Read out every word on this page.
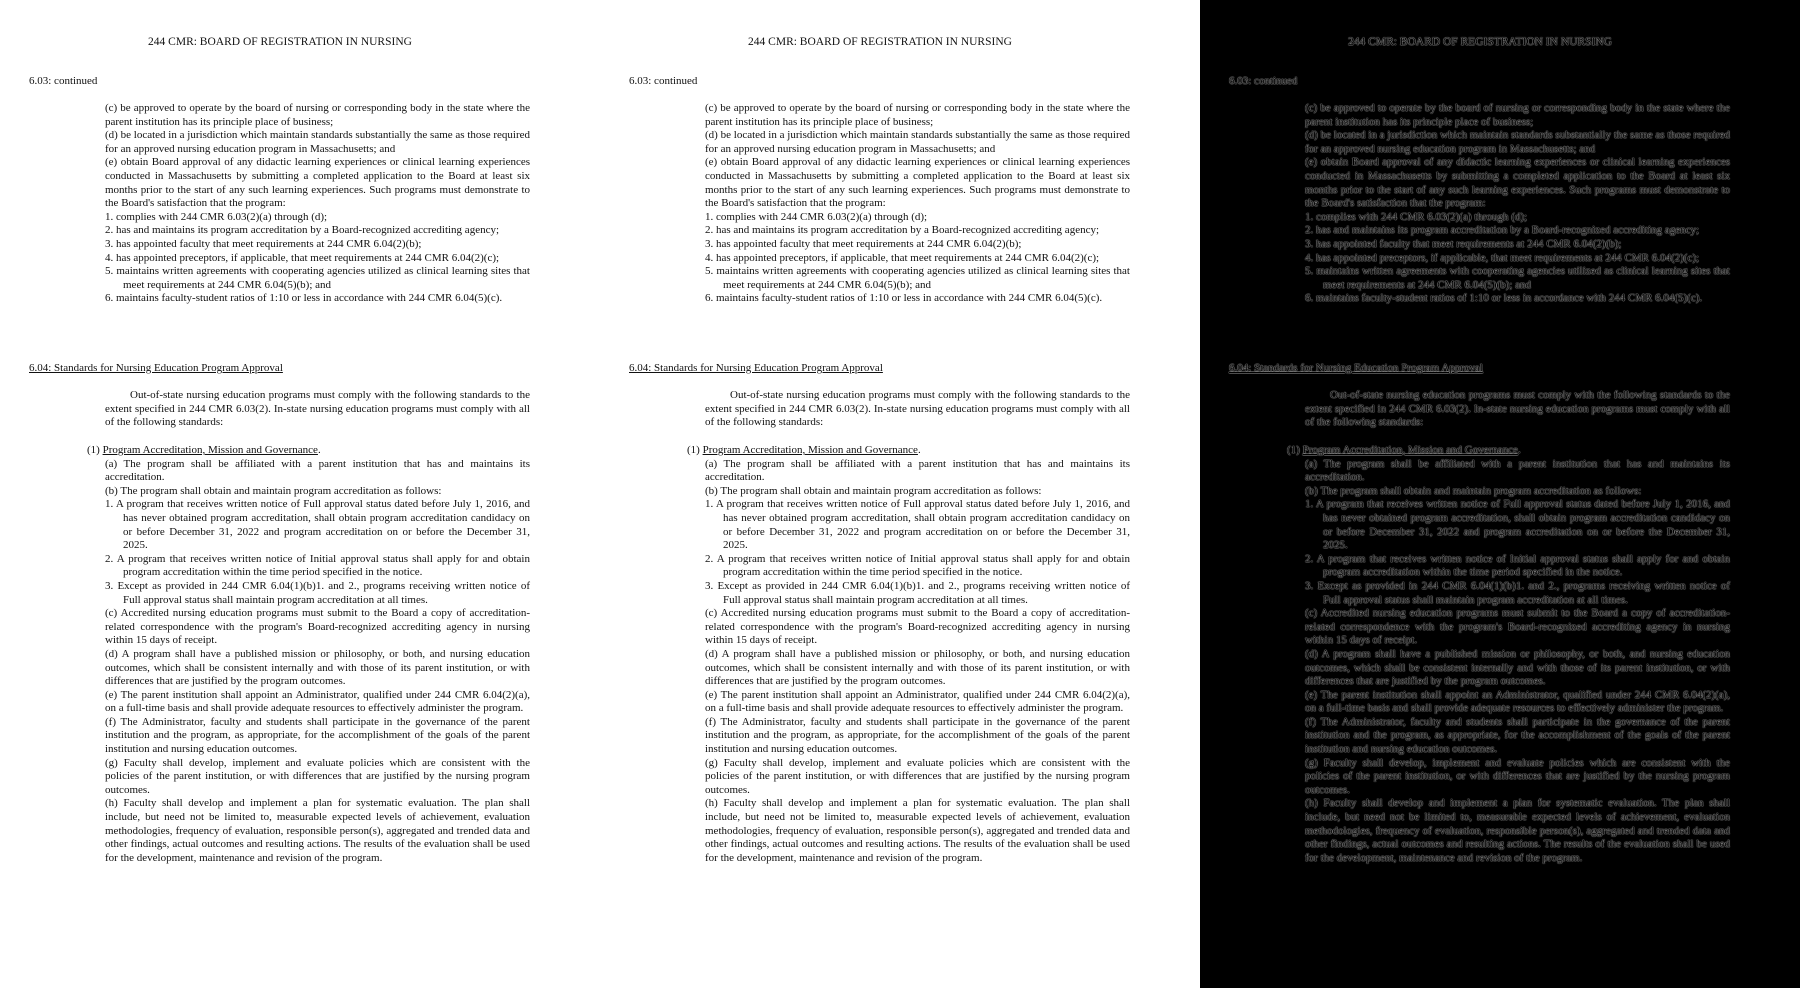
244 CMR: BOARD OF REGISTRATION IN NURSING
6.03: continued

(c) be approved to operate by the board of nursing or corresponding body in the state where the parent institution has its principle place of business;

(d) be located in a jurisdiction which maintain standards substantially the same as those required for an approved nursing education program in Massachusetts; and

(e) obtain Board approval of any didactic learning experiences or clinical learning experiences conducted in Massachusetts by submitting a completed application to the Board at least six months prior to the start of any such learning experiences. Such programs must demonstrate to the Board's satisfaction that the program:

1. complies with 244 CMR 6.03(2)(a) through (d);

2. has and maintains its program accreditation by a Board-recognized accrediting agency;

3. has appointed faculty that meet requirements at 244 CMR 6.04(2)(b);

4. has appointed preceptors, if applicable, that meet requirements at 244 CMR 6.04(2)(c);

5. maintains written agreements with cooperating agencies utilized as clinical learning sites that meet requirements at 244 CMR 6.04(5)(b); and

6. maintains faculty-student ratios of 1:10 or less in accordance with 244 CMR 6.04(5)(c).

6.04: Standards for Nursing Education Program Approval
Out-of-state nursing education programs must comply with the following standards to the extent specified in 244 CMR 6.03(2). In-state nursing education programs must comply with all of the following standards:

(1) Program Accreditation, Mission and Governance.

(a) The program shall be affiliated with a parent institution that has and maintains its accreditation.

(b) The program shall obtain and maintain program accreditation as follows:

1. A program that receives written notice of Full approval status dated before July 1, 2016, and has never obtained program accreditation, shall obtain program accreditation candidacy on or before December 31, 2022 and program accreditation on or before the December 31, 2025.

2. A program that receives written notice of Initial approval status shall apply for and obtain program accreditation within the time period specified in the notice.

3. Except as provided in 244 CMR 6.04(1)(b)1. and 2., programs receiving written notice of Full approval status shall maintain program accreditation at all times.

(c) Accredited nursing education programs must submit to the Board a copy of accreditation-related correspondence with the program's Board-recognized accrediting agency in nursing within 15 days of receipt.

(d) A program shall have a published mission or philosophy, or both, and nursing education outcomes, which shall be consistent internally and with those of its parent institution, or with differences that are justified by the program outcomes.

(e) The parent institution shall appoint an Administrator, qualified under 244 CMR 6.04(2)(a), on a full-time basis and shall provide adequate resources to effectively administer the program.

(f) The Administrator, faculty and students shall participate in the governance of the parent institution and the program, as appropriate, for the accomplishment of the goals of the parent institution and nursing education outcomes.

(g) Faculty shall develop, implement and evaluate policies which are consistent with the policies of the parent institution, or with differences that are justified by the nursing program outcomes.

(h) Faculty shall develop and implement a plan for systematic evaluation. The plan shall include, but need not be limited to, measurable expected levels of achievement, evaluation methodologies, frequency of evaluation, responsible person(s), aggregated and trended data and other findings, actual outcomes and resulting actions. The results of the evaluation shall be used for the development, maintenance and revision of the program.

244 CMR: BOARD OF REGISTRATION IN NURSING
6.03: continued

(c) be approved to operate by the board of nursing or corresponding body in the state where the parent institution has its principle place of business;

(d) be located in a jurisdiction which maintain standards substantially the same as those required for an approved nursing education program in Massachusetts; and

(e) obtain Board approval of any didactic learning experiences or clinical learning experiences conducted in Massachusetts by submitting a completed application to the Board at least six months prior to the start of any such learning experiences. Such programs must demonstrate to the Board's satisfaction that the program:

1. complies with 244 CMR 6.03(2)(a) through (d);

2. has and maintains its program accreditation by a Board-recognized accrediting agency;

3. has appointed faculty that meet requirements at 244 CMR 6.04(2)(b);

4. has appointed preceptors, if applicable, that meet requirements at 244 CMR 6.04(2)(c);

5. maintains written agreements with cooperating agencies utilized as clinical learning sites that meet requirements at 244 CMR 6.04(5)(b); and

6. maintains faculty-student ratios of 1:10 or less in accordance with 244 CMR 6.04(5)(c).

6.04: Standards for Nursing Education Program Approval
Out-of-state nursing education programs must comply with the following standards to the extent specified in 244 CMR 6.03(2). In-state nursing education programs must comply with all of the following standards:

(1) Program Accreditation, Mission and Governance.

(a) The program shall be affiliated with a parent institution that has and maintains its accreditation.

(b) The program shall obtain and maintain program accreditation as follows:

1. A program that receives written notice of Full approval status dated before July 1, 2016, and has never obtained program accreditation, shall obtain program accreditation candidacy on or before December 31, 2022 and program accreditation on or before the December 31, 2025.

2. A program that receives written notice of Initial approval status shall apply for and obtain program accreditation within the time period specified in the notice.

3. Except as provided in 244 CMR 6.04(1)(b)1. and 2., programs receiving written notice of Full approval status shall maintain program accreditation at all times.

(c) Accredited nursing education programs must submit to the Board a copy of accreditation-related correspondence with the program's Board-recognized accrediting agency in nursing within 15 days of receipt.

(d) A program shall have a published mission or philosophy, or both, and nursing education outcomes, which shall be consistent internally and with those of its parent institution, or with differences that are justified by the program outcomes.

(e) The parent institution shall appoint an Administrator, qualified under 244 CMR 6.04(2)(a), on a full-time basis and shall provide adequate resources to effectively administer the program.

(f) The Administrator, faculty and students shall participate in the governance of the parent institution and the program, as appropriate, for the accomplishment of the goals of the parent institution and nursing education outcomes.

(g) Faculty shall develop, implement and evaluate policies which are consistent with the policies of the parent institution, or with differences that are justified by the nursing program outcomes.

(h) Faculty shall develop and implement a plan for systematic evaluation. The plan shall include, but need not be limited to, measurable expected levels of achievement, evaluation methodologies, frequency of evaluation, responsible person(s), aggregated and trended data and other findings, actual outcomes and resulting actions. The results of the evaluation shall be used for the development, maintenance and revision of the program.

244 CMR: BOARD OF REGISTRATION IN NURSING
6.03: continued

(c) be approved to operate by the board of nursing or corresponding body in the state where the parent institution has its principle place of business;

(d) be located in a jurisdiction which maintain standards substantially the same as those required for an approved nursing education program in Massachusetts; and

(e) obtain Board approval of any didactic learning experiences or clinical learning experiences conducted in Massachusetts by submitting a completed application to the Board at least six months prior to the start of any such learning experiences. Such programs must demonstrate to the Board's satisfaction that the program:

1. complies with 244 CMR 6.03(2)(a) through (d);

2. has and maintains its program accreditation by a Board-recognized accrediting agency;

3. has appointed faculty that meet requirements at 244 CMR 6.04(2)(b);

4. has appointed preceptors, if applicable, that meet requirements at 244 CMR 6.04(2)(c);

5. maintains written agreements with cooperating agencies utilized as clinical learning sites that meet requirements at 244 CMR 6.04(5)(b); and

6. maintains faculty-student ratios of 1:10 or less in accordance with 244 CMR 6.04(5)(c).

6.04: Standards for Nursing Education Program Approval
Out-of-state nursing education programs must comply with the following standards to the extent specified in 244 CMR 6.03(2). In-state nursing education programs must comply with all of the following standards:

(1) Program Accreditation, Mission and Governance.

(a) The program shall be affiliated with a parent institution that has and maintains its accreditation.

(b) The program shall obtain and maintain program accreditation as follows:

1. A program that receives written notice of Full approval status dated before July 1, 2016, and has never obtained program accreditation, shall obtain program accreditation candidacy on or before December 31, 2022 and program accreditation on or before the December 31, 2025.

2. A program that receives written notice of Initial approval status shall apply for and obtain program accreditation within the time period specified in the notice.

3. Except as provided in 244 CMR 6.04(1)(b)1. and 2., programs receiving written notice of Full approval status shall maintain program accreditation at all times.

(c) Accredited nursing education programs must submit to the Board a copy of accreditation-related correspondence with the program's Board-recognized accrediting agency in nursing within 15 days of receipt.

(d) A program shall have a published mission or philosophy, or both, and nursing education outcomes, which shall be consistent internally and with those of its parent institution, or with differences that are justified by the program outcomes.

(e) The parent institution shall appoint an Administrator, qualified under 244 CMR 6.04(2)(a), on a full-time basis and shall provide adequate resources to effectively administer the program.

(f) The Administrator, faculty and students shall participate in the governance of the parent institution and the program, as appropriate, for the accomplishment of the goals of the parent institution and nursing education outcomes.

(g) Faculty shall develop, implement and evaluate policies which are consistent with the policies of the parent institution, or with differences that are justified by the nursing program outcomes.

(h) Faculty shall develop and implement a plan for systematic evaluation. The plan shall include, but need not be limited to, measurable expected levels of achievement, evaluation methodologies, frequency of evaluation, responsible person(s), aggregated and trended data and other findings, actual outcomes and resulting actions. The results of the evaluation shall be used for the development, maintenance and revision of the program.
